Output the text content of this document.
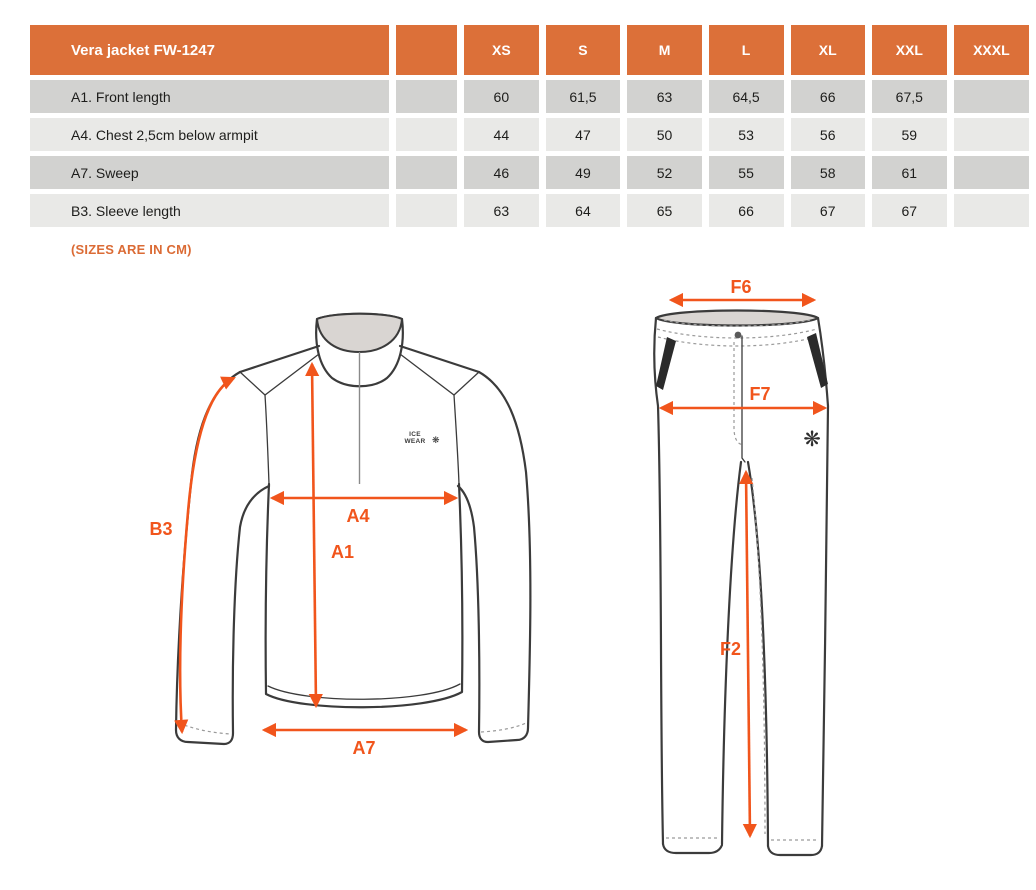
Vera jacket FW-1247		XS	S	M	L	XL	XXL	XXXL
A1. Front length		60	61,5	63	64,5	66	67,5	
A4. Chest 2,5cm below armpit		44	47	50	53	56	59	
A7. Sweep		46	49	52	55	58	61	
B3. Sleeve length		63	64	65	66	67	67	
(SIZES ARE IN CM)
ICE
WEAR ❋
B3
A4
A1
A7
❋
F6
F7
F2
